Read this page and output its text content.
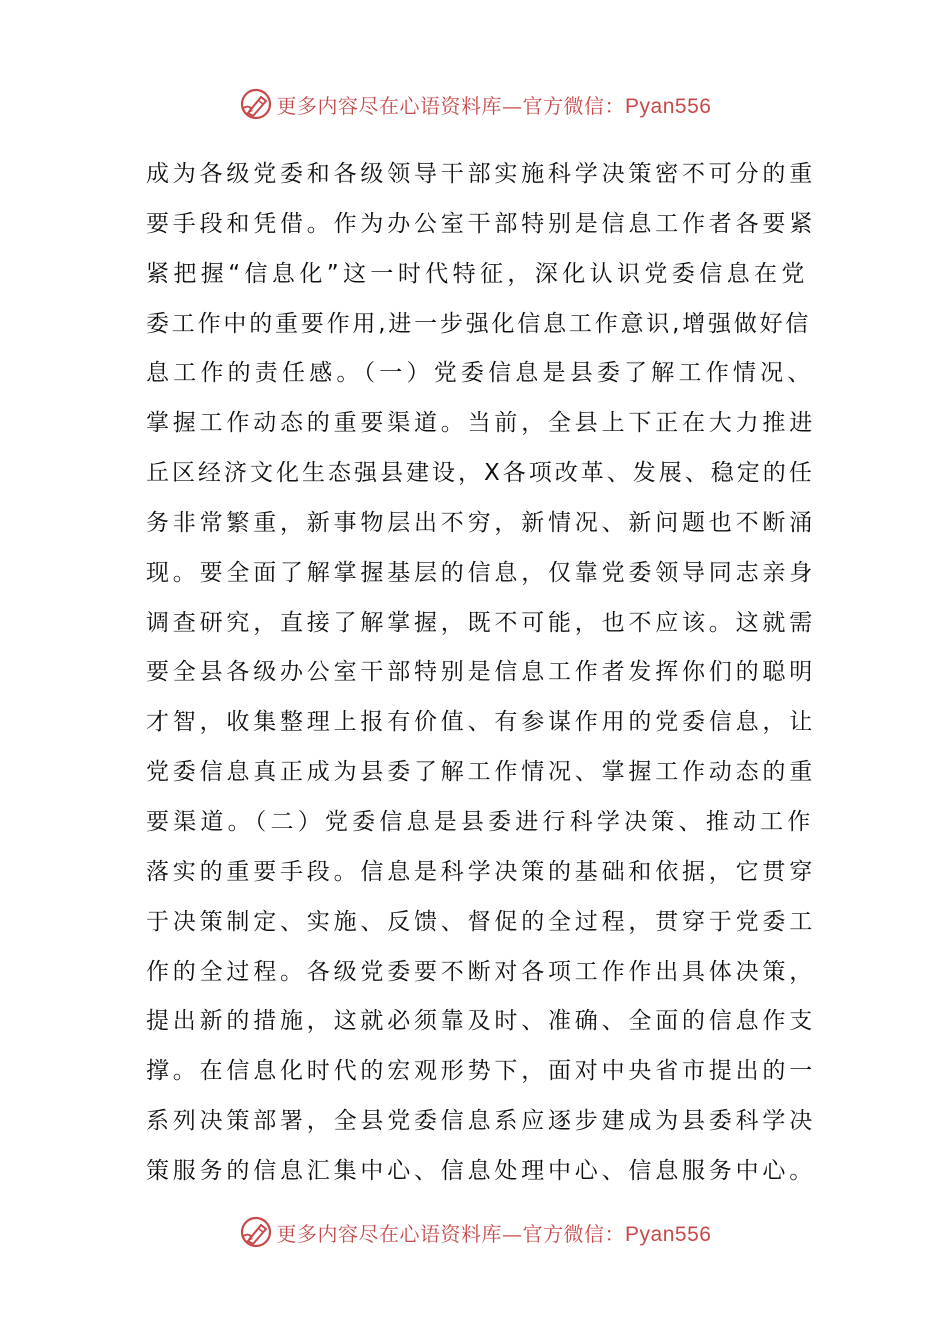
更多内容尽在心语资料库—官方微信：Pyan556
成为各级党委和各级领导干部实施科学决策密不可分的重
要手段和凭借。作为办公室干部特别是信息工作者各要紧
紧把握“信息化”这一时代特征，深化认识党委信息在党
委工作中的重要作用,进一步强化信息工作意识,增强做好信
息工作的责任感。（一）党委信息是县委了解工作情况、
掌握工作动态的重要渠道。当前，全县上下正在大力推进
丘区经济文化生态强县建设，X各项改革、发展、稳定的任
务非常繁重，新事物层出不穷，新情况、新问题也不断涌
现。要全面了解掌握基层的信息，仅靠党委领导同志亲身
调查研究，直接了解掌握，既不可能，也不应该。这就需
要全县各级办公室干部特别是信息工作者发挥你们的聪明
才智，收集整理上报有价值、有参谋作用的党委信息，让
党委信息真正成为县委了解工作情况、掌握工作动态的重
要渠道。（二）党委信息是县委进行科学决策、推动工作
落实的重要手段。信息是科学决策的基础和依据，它贯穿
于决策制定、实施、反馈、督促的全过程，贯穿于党委工
作的全过程。各级党委要不断对各项工作作出具体决策，
提出新的措施，这就必须靠及时、准确、全面的信息作支
撑。在信息化时代的宏观形势下，面对中央省市提出的一
系列决策部署，全县党委信息系应逐步建成为县委科学决
策服务的信息汇集中心、信息处理中心、信息服务中心。
更多内容尽在心语资料库—官方微信：Pyan556
